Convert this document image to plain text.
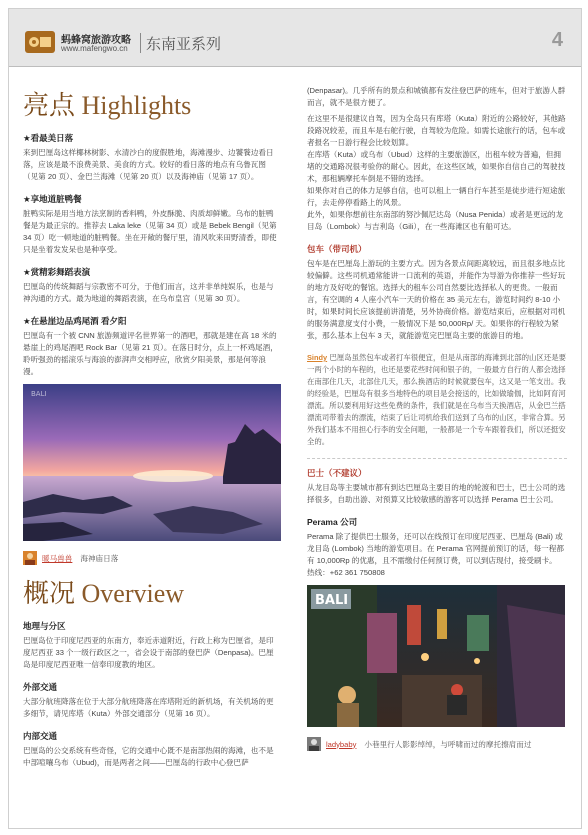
蚂蜂窝旅游攻略
www.mafengwo.cn 东南亚系列	4
亮点 Highlights
★看最美日落

来到巴厘岛这样椰林树影、水清沙白的度假胜地，海滩漫步、边饕餮边看日落，应该是最不浪费美景、美食的方式。较好的看日落的地点有乌鲁瓦图（见第 20 页）、金巴兰海滩（见第 20 页）以及海神庙（见第 17 页）。

★享地道脏鸭餐

脏鸭实际是用当地方法烹制的香料鸭，外皮酥脆、肉质却鲜嫩。乌布的脏鸭餐是为最正宗的。推荐去 Laka leke（见第 34 页）或是 Bebek Bengil（见第 34 页）吃一顿地道的脏鸭餐。坐在开敞的餐厅里，清风吹来田野清香，即使只是坐着发发呆也是种享受。

★赏精彩舞蹈表演

巴厘岛的传统舞蹈与宗教密不可分，于他们而言，这并非单纯娱乐，也是与神沟通的方式。最为地道的舞蹈表演，在乌布皇宫（见第 30 页）。

★在悬崖边品鸡尾酒 看夕阳

巴厘岛有一个被 CNN 旅游频道评名世界第一的酒吧，那就是建在高 18 米的悬崖上的鸡尾酒吧 Rock Bar（见第 21 页）。在落日时分，点上一杯鸡尾酒，聆听强劲的摇滚乐与海浪的澎湃声交相呼应，欣赏夕阳美景，那是何等浪漫。

BALI
暖马兽兽 海神庙日落
概况 Overview
地理与分区

巴厘岛位于印度尼西亚的东南方，奉近赤道附近，行政上称为巴厘省，是印度尼西亚 33 个一级行政区之一，省会设于南部的登巴萨（Denpasa)。巴厘岛是印度尼西亚唯一信奉印度教的地区。

外部交通

大部分航班降落在位于大部分航班降落在库塔附近的新机场，有关机场的更多细节，请见库塔（Kuta）外部交通部分（见第 16 页）。

内部交通

巴厘岛的公交系统有些奇怪，它的交通中心既不是南部热闹的海滩，也不是中部喧嚷乌布（Ubud)，而是两者之间——巴厘岛的行政中心登巴萨

(Denpasar)。几乎所有的景点和城镇都有发往登巴萨的班车，但对于旅游人群而言，就不是很方便了。

在这里不是很建议自驾，因为全岛只有库塔（Kuta）附近的公路较好，其他路段路况较差，而且车是右舵行驶，自驾较为危险。如需长途旅行的话，包车或者报名一日游行程会比较划算。

在库塔（Kuta）或乌布（Ubud）这样的主要旅游区，出租车较为普遍，但拥堵的交通路况很考验你的耐心。因此，在这些区域，如果你自信自己的驾驶技术，那租辆摩托车倒是不错的选择。

如果你对自己的体力足够自信，也可以租上一辆自行车甚至是徒步进行短途旅行，去走停停看路上的风景。

此外，如果你想前往东南部的努沙佩尼达岛（Nusa Penida）或者是更远的龙目岛（Lombok）与吉利岛（Gili），在一些海滩区也有船可达。

包车（带司机）

包车是在巴厘岛上游玩的主要方式。因为各景点间距离较远，而且很多地点比较偏僻。这些司机通常能讲一口流利的英语，并能作为导游为你推荐一些好玩的地方及好吃的餐馆。选择大的租车公司自然要比选择私人的更贵。一般而言，有空调的 4 人座小汽车一天的价格在 35 美元左右，游览时间约 8-10 小时，如果时间长应该提前讲清楚，另外协商价格。游览结束后，应根据对司机的服务满意度支付小费，一般情况下是 50,000Rp/ 天。如果你的行程较为紧张，那么基本上包车 3 天，就能游览完巴厘岛主要的旅游目的地。

Sindy 巴厘岛虽然包车或者打车很便宜，但是从南部的海滩到北部的山区还是要一两个小时的车程的，也还是要花些时间和银子的，一般最方自行的人都会选择在南部住几天，北部住几天，那么换酒店的时候就要包车，这又是一笔支出。我的经验是，巴厘岛有很多当地特色的项目是会接送的，比如做瑜伽，比如阿育河漂流。所以要利用好这些免费的条件，我们就是在乌布当天换酒店，从金巴兰搭漂流司带着去的漂流，结束了后让司机给我们送到了乌布的山区，非常合算。另外我们基本不用担心行李的安全问题，一般都是一个专车跟着我们，所以还挺安全的。

巴士（不建议）

从龙目岛等主要城市都有到达巴厘岛主要目的地的轮渡和巴士，巴士公司的选择很多，自助出游、对预算又比较敏感的游客可以选择 Perama 巴士公司。

Perama 公司

Perama 除了提供巴士服务，还可以在线预订在印度尼西亚、巴厘岛 (Bali) 或龙目岛 (Lombok) 当地的游览项目。在 Perama 官网提前预订的话，每一程都有 10,000Rp 的优惠，且不需缴付任何预订费，可以到店现付，接受刷卡。

热线：+62 361 750808

BALI
ladybaby 小巷里行人影影绰绰，与呼啸而过的摩托擦肩而过
